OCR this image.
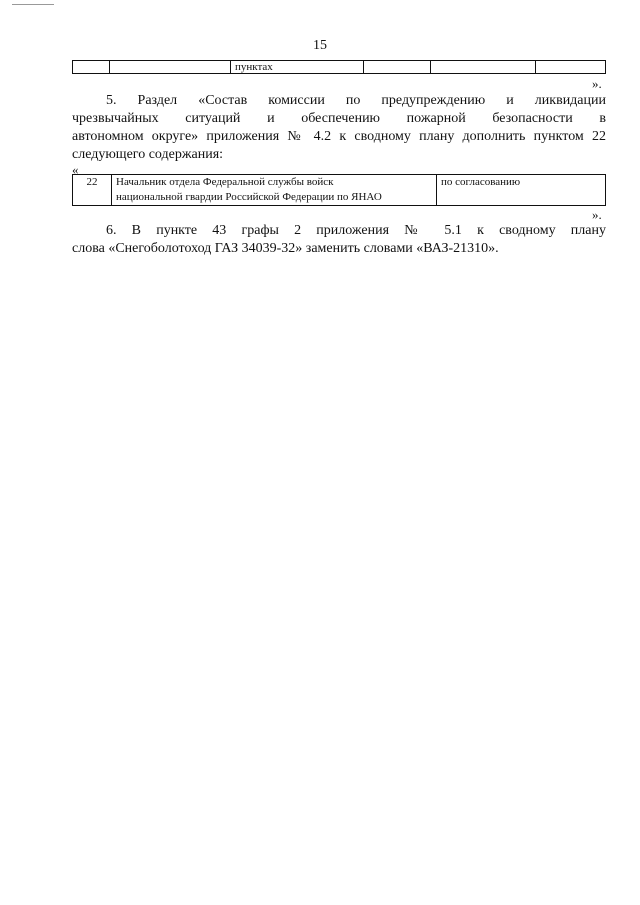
15
		пунктах			
».
5. Раздел «Состав комиссии по предупреждению и ликвидации
чрезвычайных ситуаций и обеспечению пожарной безопасности в
автономном округе» приложения № 4.2 к сводному плану дополнить пунктом 22
следующего содержания:
«
22	Начальник отдела Федеральной службы войск
национальной гвардии Российской Федерации по ЯНАО
	по согласованию
».
6. В пункте 43 графы 2 приложения № 5.1 к сводному плану
слова «Снегоболотоход ГАЗ 34039-32» заменить словами «ВАЗ-21310».
